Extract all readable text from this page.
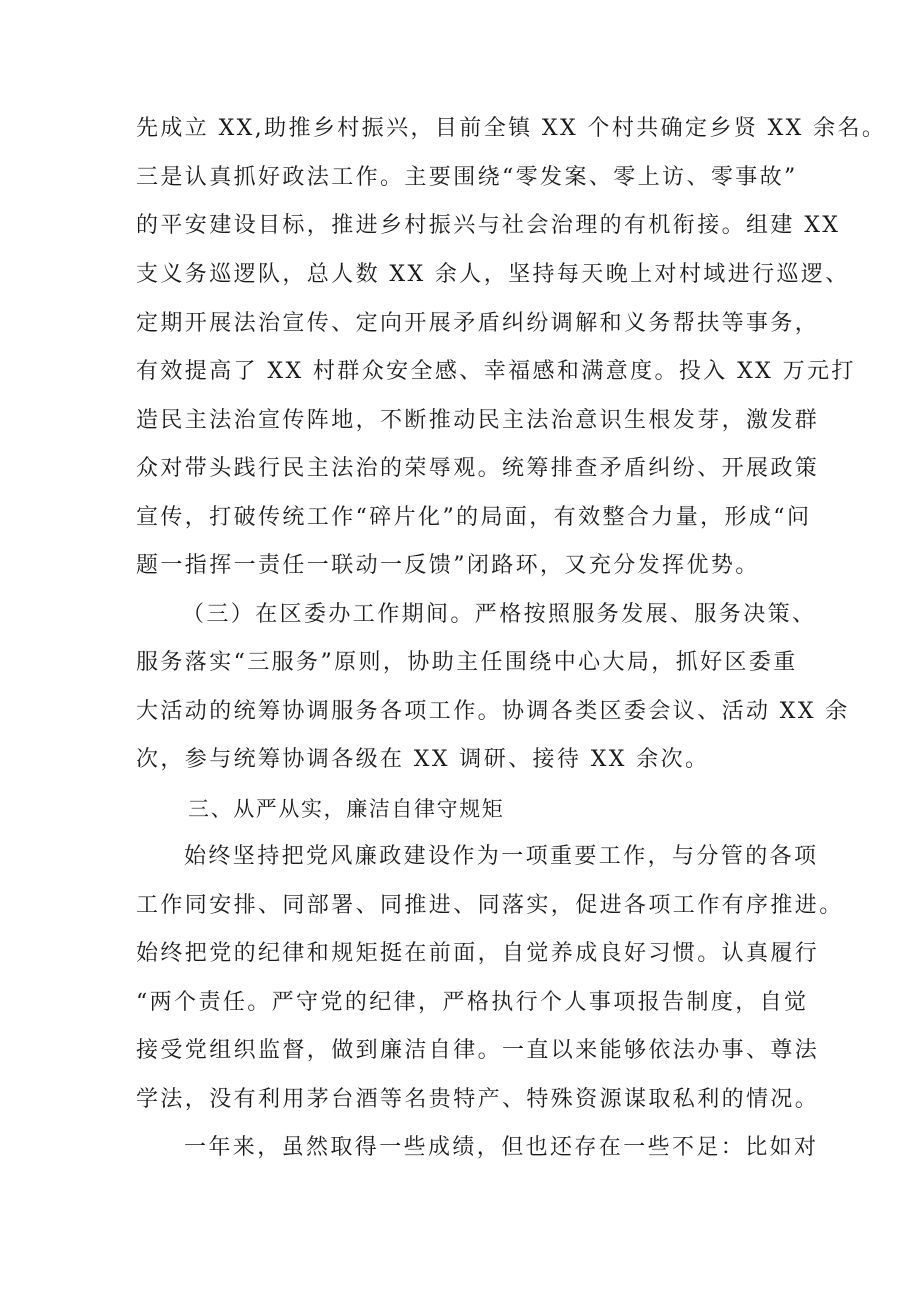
先成立 XX,助推乡村振兴，目前全镇 XX 个村共确定乡贤 XX 余名。
三是认真抓好政法工作。主要围绕“零发案、零上访、零事故”
的平安建设目标，推进乡村振兴与社会治理的有机衔接。组建 XX
支义务巡逻队，总人数 XX 余人，坚持每天晚上对村域进行巡逻、
定期开展法治宣传、定向开展矛盾纠纷调解和义务帮扶等事务，
有效提高了 XX 村群众安全感、幸福感和满意度。投入 XX 万元打
造民主法治宣传阵地，不断推动民主法治意识生根发芽，激发群
众对带头践行民主法治的荣辱观。统筹排查矛盾纠纷、开展政策
宣传，打破传统工作“碎片化”的局面，有效整合力量，形成“问
题一指挥一责任一联动一反馈”闭路环，又充分发挥优势。
（三）在区委办工作期间。严格按照服务发展、服务决策、
服务落实“三服务”原则，协助主任围绕中心大局，抓好区委重
大活动的统筹协调服务各项工作。协调各类区委会议、活动 XX 余
次，参与统筹协调各级在 XX 调研、接待 XX 余次。
三、从严从实，廉洁自律守规矩
始终坚持把党风廉政建设作为一项重要工作，与分管的各项
工作同安排、同部署、同推进、同落实，促进各项工作有序推进。
始终把党的纪律和规矩挺在前面，自觉养成良好习惯。认真履行
“两个责任。严守党的纪律，严格执行个人事项报告制度，自觉
接受党组织监督，做到廉洁自律。一直以来能够依法办事、尊法
学法，没有利用茅台酒等名贵特产、特殊资源谋取私利的情况。
一年来，虽然取得一些成绩，但也还存在一些不足：比如对
